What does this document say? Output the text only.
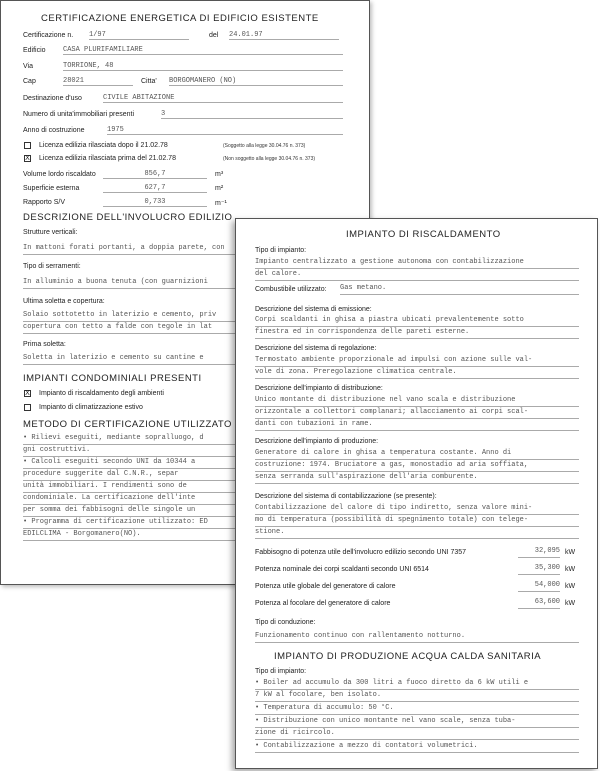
CERTIFICAZIONE ENERGETICA DI EDIFICIO ESISTENTE
Certificazione n. 1/97	del 24.01.97
Edificio CASA PLURIFAMILIARE
Via	TORRIONE, 48
Cap	28021	Citta' BORGOMANERO (NO)
Destinazione d'uso	CIVILE ABITAZIONE
Numero di unita'immobiliari presenti	3
Anno di costruzione	1975
Licenza edilizia rilasciata dopo il 21.02.78	(Soggetto alla legge 30.04.76 n. 373)
X Licenza edilizia rilasciata prima del 21.02.78	(Non soggetto alla legge 30.04.76 n. 373)
Volume lordo riscaldato	856,7	m³
Superficie esterna	627,7	m²
Rapporto S/V	0,733	m⁻¹
DESCRIZIONE DELL'INVOLUCRO EDILIZIO
Strutture verticali:
In mattoni forati portanti, a doppia parete, con
Tipo di serramenti:
In alluminio a buona tenuta (con guarnizioni
Ultima soletta e copertura:
Solaio sottotetto in laterizio e cemento, priv
copertura con tetto a falde con tegole in lat
Prima soletta:
Soletta in laterizio e cemento su cantine e
IMPIANTI CONDOMINIALI PRESENTI
X Impianto di riscaldamento degli ambienti
Impianto di climatizzazione estivo
METODO DI CERTIFICAZIONE UTILIZZATO
• Rilievi eseguiti, mediante sopralluogo, d
gni costruttivi.
• Calcoli eseguiti secondo UNI da 10344 a
procedure suggerite dal C.N.R., separ
unità immobiliari. I rendimenti sono de
condominiale. La certificazione dell'inte
per somma dei fabbisogni delle singole un
• Programma di certificazione utilizzato: ED
EDILCLIMA - Borgomanero(NO).
IMPIANTO DI RISCALDAMENTO
Tipo di impianto:
Impianto centralizzato a gestione autonoma con contabilizzazione
del calore.
Combustibile utilizzato: Gas metano.
Descrizione del sistema di emissione:
Corpi scaldanti in ghisa a piastra ubicati prevalentemente sotto
finestra ed in corrispondenza delle pareti esterne.
Descrizione del sistema di regolazione:
Termostato ambiente proporzionale ad impulsi con azione sulle val-
vole di zona. Preregolazione climatica centrale.
Descrizione dell'impianto di distribuzione:
Unico montante di distribuzione nel vano scala e distribuzione
orizzontale a collettori complanari; allacciamento ai corpi scal-
danti con tubazioni in rame.
Descrizione dell'impianto di produzione:
Generatore di calore in ghisa a temperatura costante. Anno di
costruzione: 1974. Bruciatore a gas, monostadio ad aria soffiata,
senza serranda sull'aspirazione dell'aria comburente.
Descrizione del sistema di contabilizzazione (se presente):
Contabilizzazione del calore di tipo indiretto, senza valore mini-
mo di temperatura (possibilità di spegnimento totale) con telege-
stione.
Fabbisogno di potenza utile dell'involucro edilizio secondo UNI 7357	32,095 kW
Potenza nominale dei corpi scaldanti secondo UNI 6514	35,300 kW
Potenza utile globale del generatore di calore	54,000 kW
Potenza al focolare del generatore di calore	63,600 kW
Tipo di conduzione:
Funzionamento continuo con rallentamento notturno.
IMPIANTO DI PRODUZIONE ACQUA CALDA SANITARIA
Tipo di impianto:
• Boiler ad accumulo da 300 litri a fuoco diretto da 6 kW utili e
7 kW al focolare, ben isolato.
• Temperatura di accumulo: 50 °C.
• Distribuzione con unico montante nel vano scale, senza tuba-
zione di ricircolo.
• Contabilizzazione a mezzo di contatori volumetrici.
